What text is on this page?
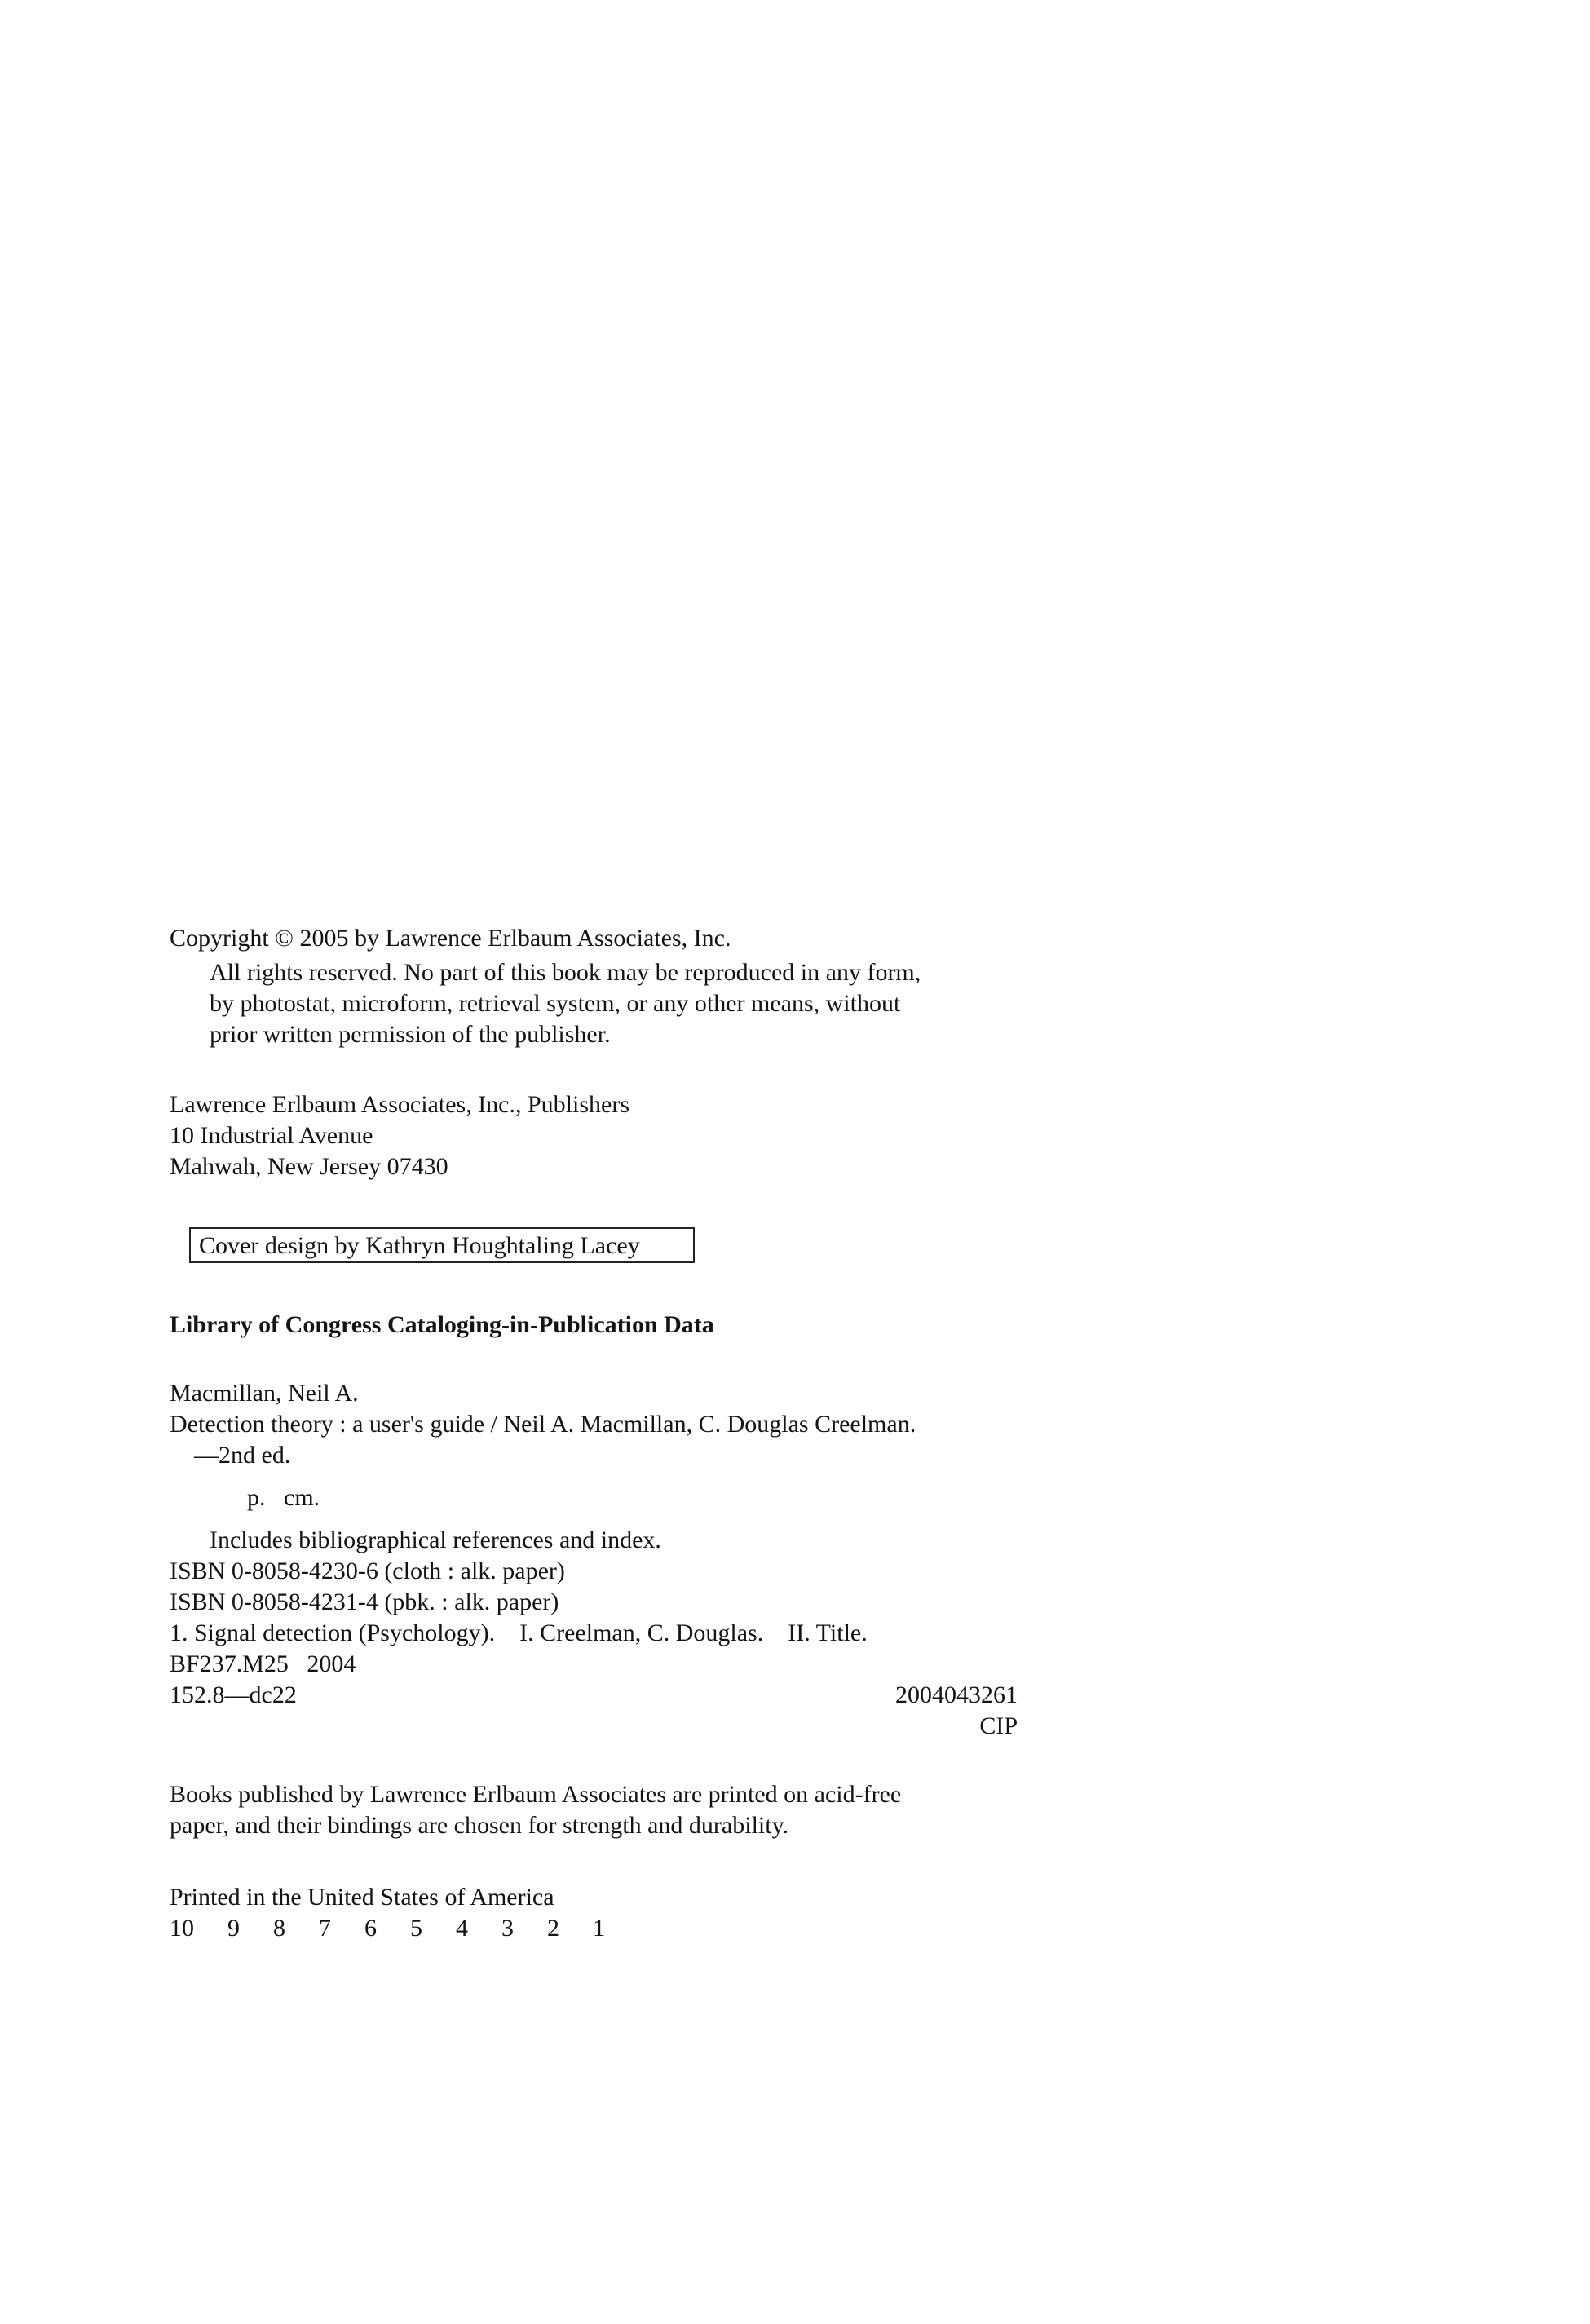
Copyright © 2005 by Lawrence Erlbaum Associates, Inc.
All rights reserved. No part of this book may be reproduced in any form,
by photostat, microform, retrieval system, or any other means, without
prior written permission of the publisher.
Lawrence Erlbaum Associates, Inc., Publishers
10 Industrial Avenue
Mahwah, New Jersey 07430
Cover design by Kathryn Houghtaling Lacey
Library of Congress Cataloging-in-Publication Data
Macmillan, Neil A.
Detection theory : a user's guide / Neil A. Macmillan, C. Douglas Creelman.
—2nd ed.
p.   cm.
Includes bibliographical references and index.
ISBN 0-8058-4230-6 (cloth : alk. paper)
ISBN 0-8058-4231-4 (pbk. : alk. paper)
1. Signal detection (Psychology).    I. Creelman, C. Douglas.    II. Title.
BF237.M25   2004
152.8—dc22	2004043261
CIP
Books published by Lawrence Erlbaum Associates are printed on acid-free
paper, and their bindings are chosen for strength and durability.
Printed in the United States of America
10  9  8  7  6  5  4  3  2  1
